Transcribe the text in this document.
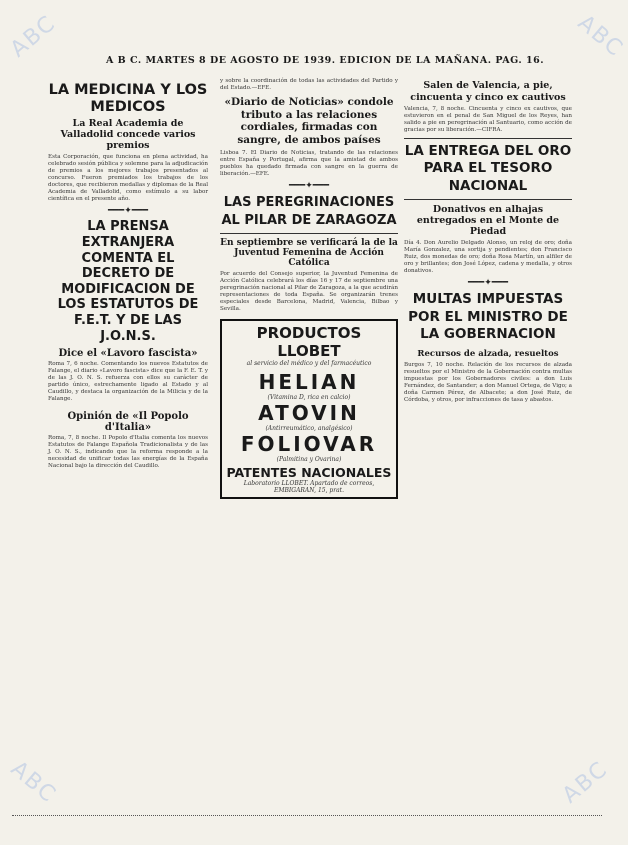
ABC	ABC
ABC	ABC
A B C. MARTES 8 DE AGOSTO DE 1939. EDICION DE LA MAÑANA. PAG. 16.
LA MEDICINA Y LOS MEDICOS
La Real Academia de Valladolid concede varios premios
Esta Corporación, que funciona en plena actividad, ha celebrado sesión pública y solemne para la adjudicación de premios a los mejores trabajos presentados al concurso. Fueron premiados los trabajos de los doctores, que recibieron medallas y diplomas de la Real Academia de Valladolid, como estímulo a su labor científica en el presente año.
━━━✦━━━
LA PRENSA EXTRANJERA COMENTA EL DECRETO DE MODIFICACION DE LOS ESTATUTOS DE F.E.T. Y DE LAS J.O.N.S.
Dice el «Lavoro fascista»
Roma 7, 6 noche. Comentando los nuevos Estatutos de Falange, el diario «Lavoro fascista» dice que la F. E. T. y de las J. O. N. S. refuerza con ellos su carácter de partido único, estrechamente ligado al Estado y al Caudillo, y destaca la organización de la Milicia y de la Falange.
Opinión de «Il Popolo d'Italia»
Roma, 7, 8 noche. Il Popolo d'Italia comenta los nuevos Estatutos de Falange Española Tradicionalista y de las J. O. N. S., indicando que la reforma responde a la necesidad de unificar todas las energías de la España Nacional bajo la dirección del Caudillo.
y sobre la coordinación de todas las actividades del Partido y del Estado.—EFE.
«Diario de Noticias» condole tributo a las relaciones cordiales, firmadas con sangre, de ambos países
Lisboa 7. El Diario de Noticias, tratando de las relaciones entre España y Portugal, afirma que la amistad de ambos pueblos ha quedado firmada con sangre en la guerra de liberación.—EFE.
━━━✦━━━
LAS PEREGRINACIONES AL PILAR DE ZARAGOZA
En septiembre se verificará la de la Juventud Femenina de Acción Católica
Por acuerdo del Consejo superior, la Juventud Femenina de Acción Católica celebrará los días 16 y 17 de septiembre una peregrinación nacional al Pilar de Zaragoza, a la que acudirán representaciones de toda España. Se organizarán trenes especiales desde Barcelona, Madrid, Valencia, Bilbao y Sevilla.
PRODUCTOS LLOBET
al servicio del médico y del farmacéutico
HELIAN
(Vitamina D, rica en calcio)
ATOVIN
(Antirreumático, analgésico)
FOLIOVAR
(Palmitina y Ovarina)
PATENTES NACIONALES
Laboratorio LLOBET. Apartado de correos, EMBIGARAN, 15, prat.
Salen de Valencia, a pie, cincuenta y cinco ex cautivos
Valencia, 7, 8 noche. Cincuenta y cinco ex cautivos, que estuvieron en el penal de San Miguel de los Reyes, han salido a pie en peregrinación al Santuario, como acción de gracias por su liberación.—CIFRA.
LA ENTREGA DEL ORO PARA EL TESORO NACIONAL
Donativos en alhajas entregados en el Monte de Piedad
Día 4. Don Aurelio Delgado Alonso, un reloj de oro; doña María Gonzalez, una sortija y pendientes; don Francisco Ruiz, dos monedas de oro; doña Rosa Martín, un alfiler de oro y brillantes; don José López, cadena y medalla, y otros donativos.
━━━✦━━━
MULTAS IMPUESTAS POR EL MINISTRO DE LA GOBERNACION
Recursos de alzada, resueltos
Burgos 7, 10 noche. Relación de los recursos de alzada resueltos por el Ministro de la Gobernación contra multas impuestas por los Gobernadores civiles: a don Luis Fernández, de Santander; a don Manuel Ortega, de Vigo; a doña Carmen Pérez, de Albacete; a don José Ruiz, de Córdoba, y otros, por infracciones de tasa y abastos.
